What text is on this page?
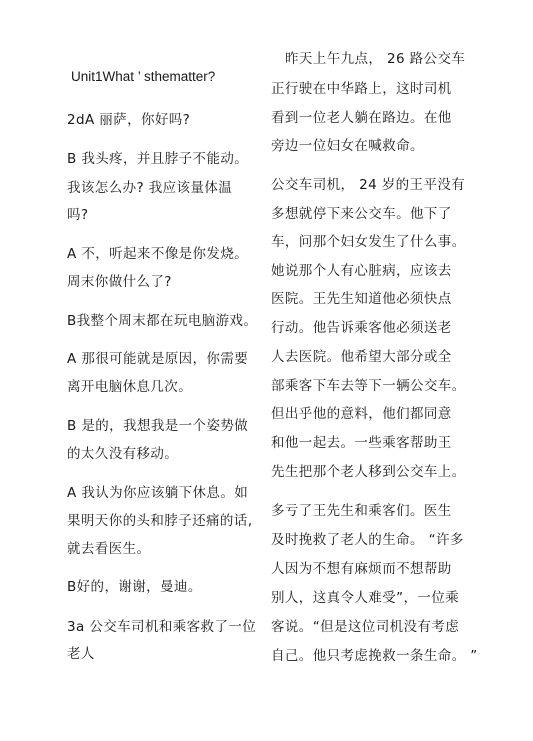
Unit1What ’ sthematter?
2dA 丽萨，你好吗?
B 我头疼，并且脖子不能动。
我该怎么办? 我应该量体温
吗?
A 不，听起来不像是你发烧。
周末你做什么了?
B我整个周末都在玩电脑游戏。
A 那很可能就是原因，你需要
离开电脑休息几次。
B 是的，我想我是一个姿势做
的太久没有移动。
A 我认为你应该躺下休息。如
果明天你的头和脖子还痛的话,
就去看医生。
B好的，谢谢，曼迪。
3a 公交车司机和乘客救了一位
老人
昨天上午九点， 26 路公交车
正行驶在中华路上，这时司机
看到一位老人躺在路边。在他
旁边一位妇女在喊救命。
公交车司机， 24 岁的王平没有
多想就停下来公交车。他下了
车，问那个妇女发生了什么事。
她说那个人有心脏病，应该去
医院。王先生知道他必须快点
行动。他告诉乘客他必须送老
人去医院。他希望大部分或全
部乘客下车去等下一辆公交车。
但出乎他的意料，他们都同意
和他一起去。一些乘客帮助王
先生把那个老人移到公交车上。
多亏了王先生和乘客们。医生
及时挽救了老人的生命。 “许多
人因为不想有麻烦而不想帮助
别人，这真令人难受”，一位乘
客说。“但是这位司机没有考虑
自己。他只考虑挽救一条生命。 ”
